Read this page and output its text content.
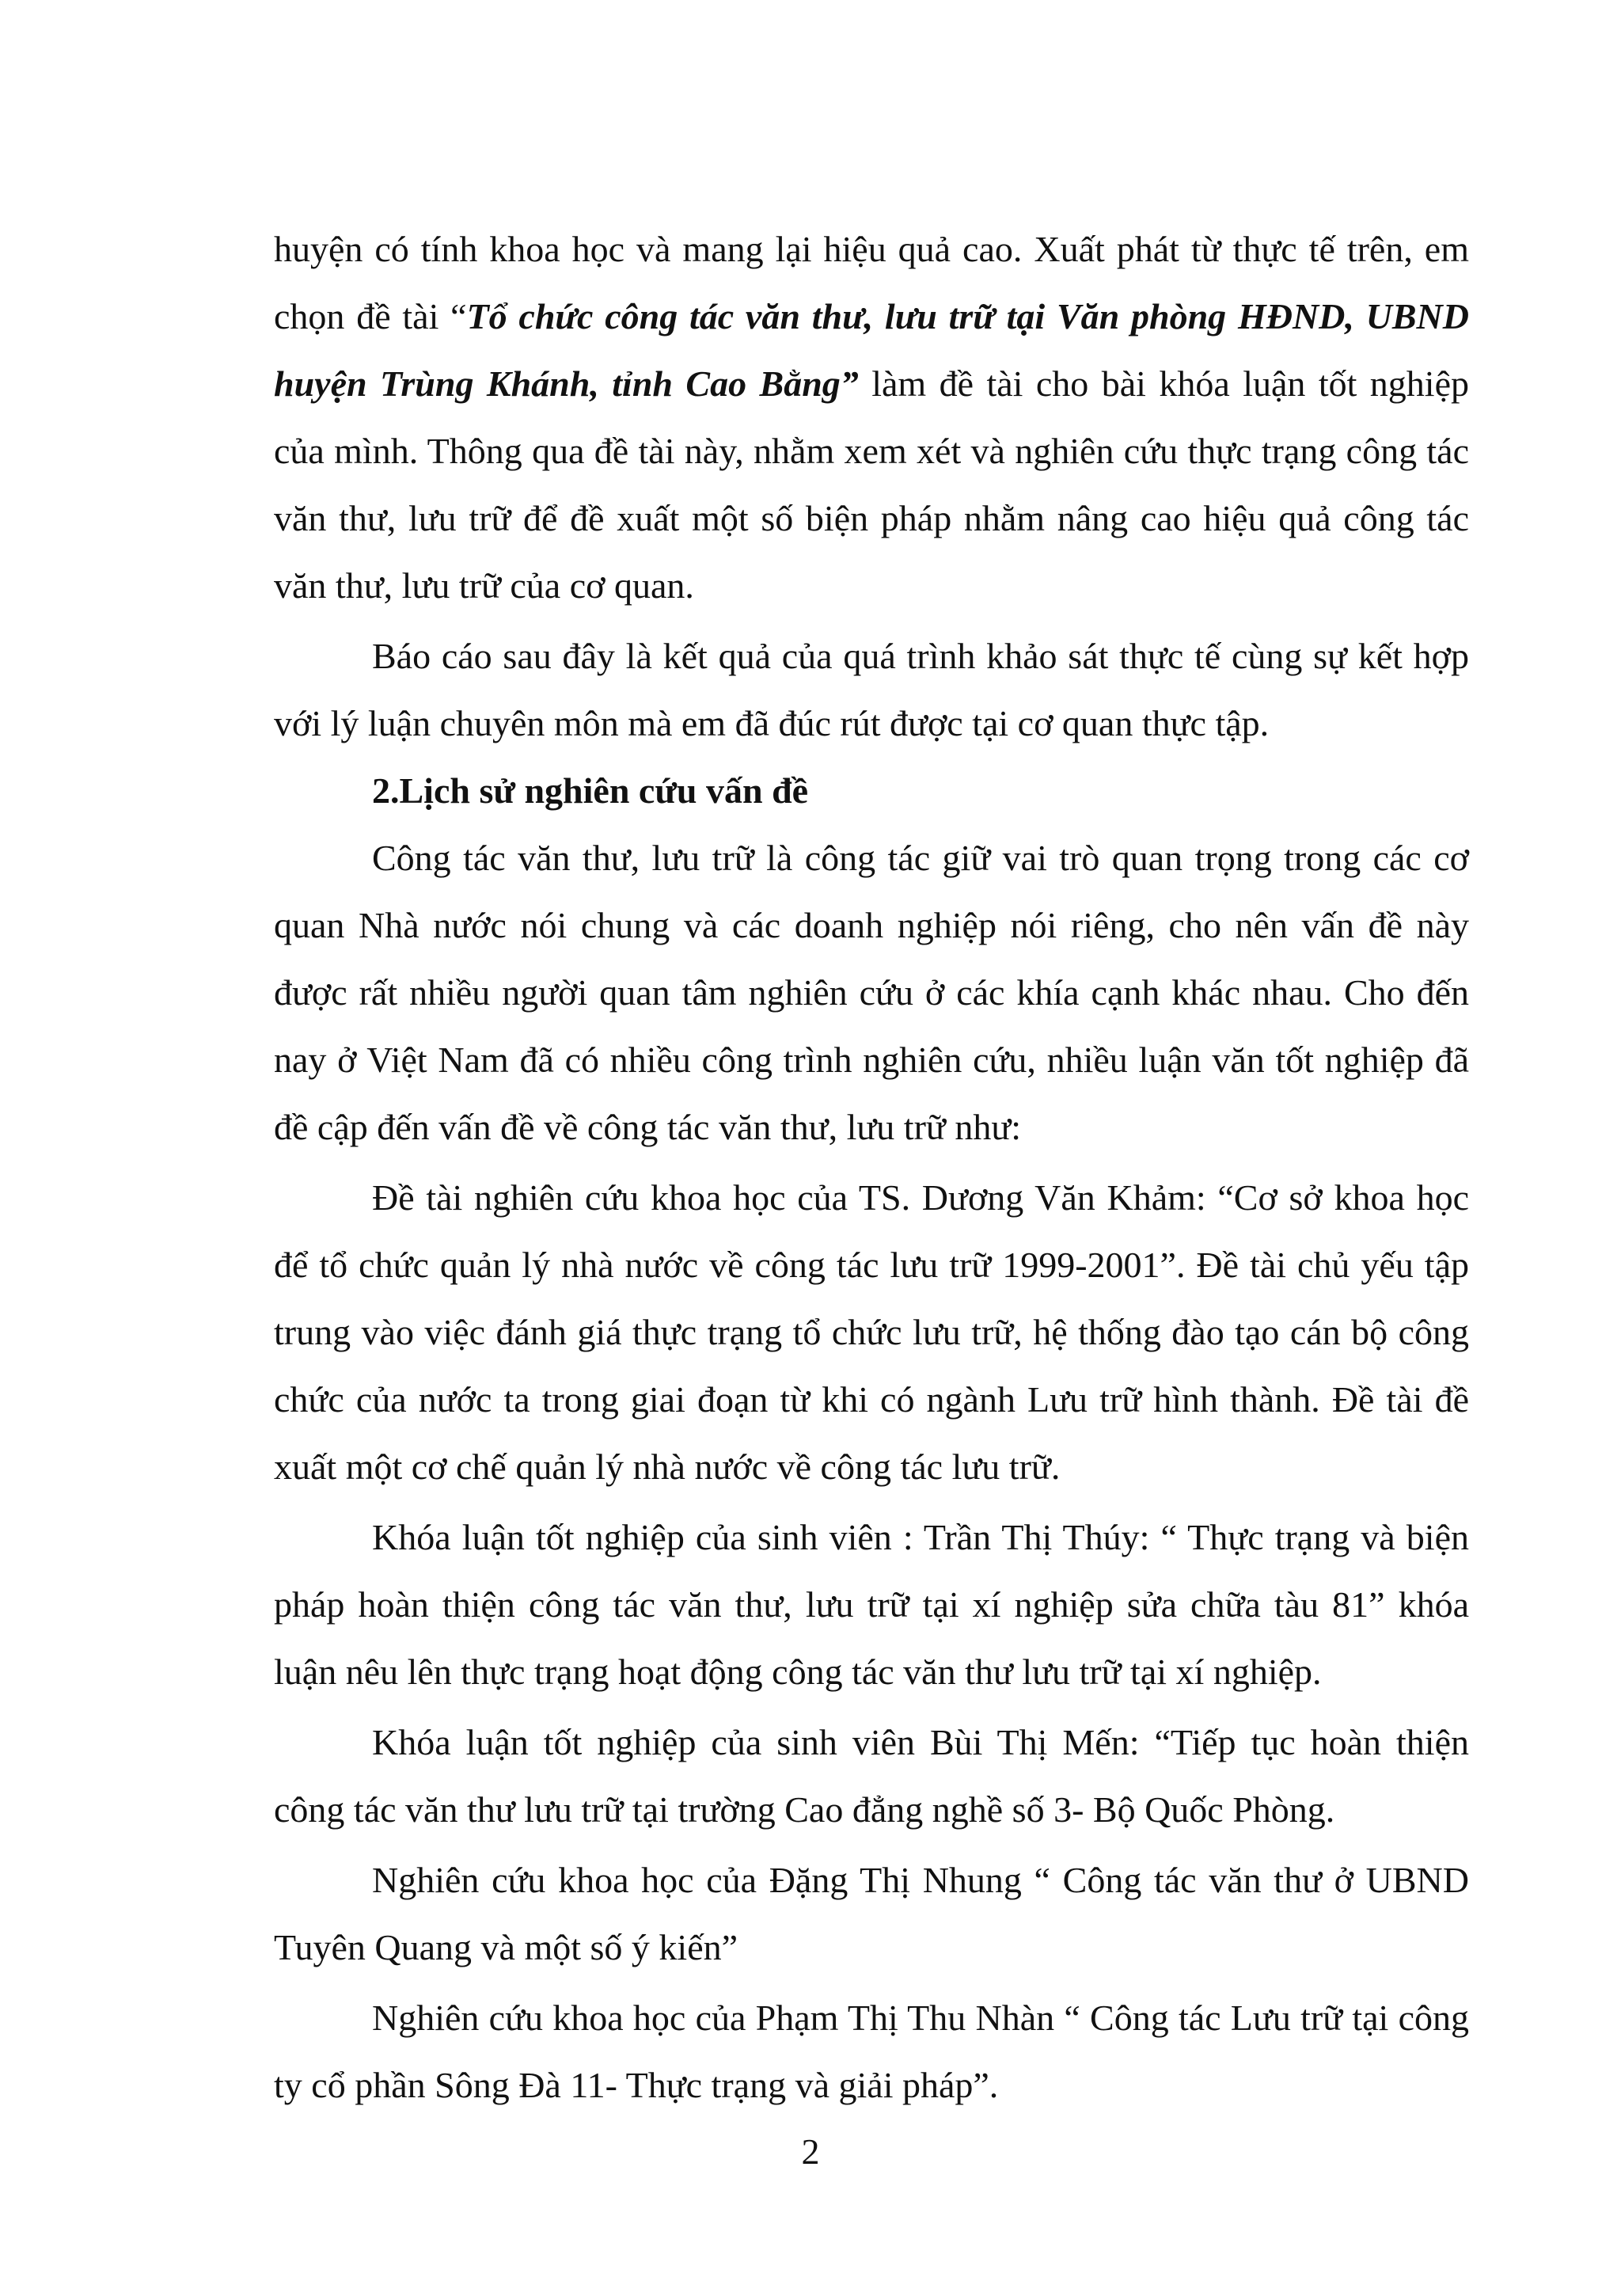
huyện có tính khoa học và mang lại hiệu quả cao. Xuất phát từ thực tế trên, em chọn đề tài “Tổ chức công tác văn thư, lưu trữ tại Văn phòng HĐND, UBND huyện Trùng Khánh, tỉnh Cao Bằng” làm đề tài cho bài khóa luận tốt nghiệp của mình. Thông qua đề tài này, nhằm xem xét và nghiên cứu thực trạng công tác văn thư, lưu trữ để đề xuất một số biện pháp nhằm nâng cao hiệu quả công tác văn thư, lưu trữ của cơ quan.

Báo cáo sau đây là kết quả của quá trình khảo sát thực tế cùng sự kết hợp với lý luận chuyên môn mà em đã đúc rút được tại cơ quan thực tập.

2.Lịch sử nghiên cứu vấn đề

Công tác văn thư, lưu trữ là công tác giữ vai trò quan trọng trong các cơ quan Nhà nước nói chung và các doanh nghiệp nói riêng, cho nên vấn đề này được rất nhiều người quan tâm nghiên cứu ở các khía cạnh khác nhau. Cho đến nay ở Việt Nam đã có nhiều công trình nghiên cứu, nhiều luận văn tốt nghiệp đã đề cập đến vấn đề về công tác văn thư, lưu trữ như:

Đề tài nghiên cứu khoa học của TS. Dương Văn Khảm: “Cơ sở khoa học để tổ chức quản lý nhà nước về công tác lưu trữ 1999-2001”. Đề tài chủ yếu tập trung vào việc đánh giá thực trạng tổ chức lưu trữ, hệ thống đào tạo cán bộ công chức của nước ta trong giai đoạn từ khi có ngành Lưu trữ hình thành. Đề tài đề xuất một cơ chế quản lý nhà nước về công tác lưu trữ.

Khóa luận tốt nghiệp của sinh viên : Trần Thị Thúy: “ Thực trạng và biện pháp hoàn thiện công tác văn thư, lưu trữ tại xí nghiệp sửa chữa tàu 81” khóa luận nêu lên thực trạng hoạt động công tác văn thư lưu trữ tại xí nghiệp.

Khóa luận tốt nghiệp của sinh viên Bùi Thị Mến: “Tiếp tục hoàn thiện công tác văn thư lưu trữ tại trường Cao đẳng nghề số 3- Bộ Quốc Phòng.

Nghiên cứu khoa học của Đặng Thị Nhung “ Công tác văn thư ở UBND Tuyên Quang và một số ý kiến”

Nghiên cứu khoa học của Phạm Thị Thu Nhàn “ Công tác Lưu trữ tại công ty cổ phần Sông Đà 11- Thực trạng và giải pháp”.

2
